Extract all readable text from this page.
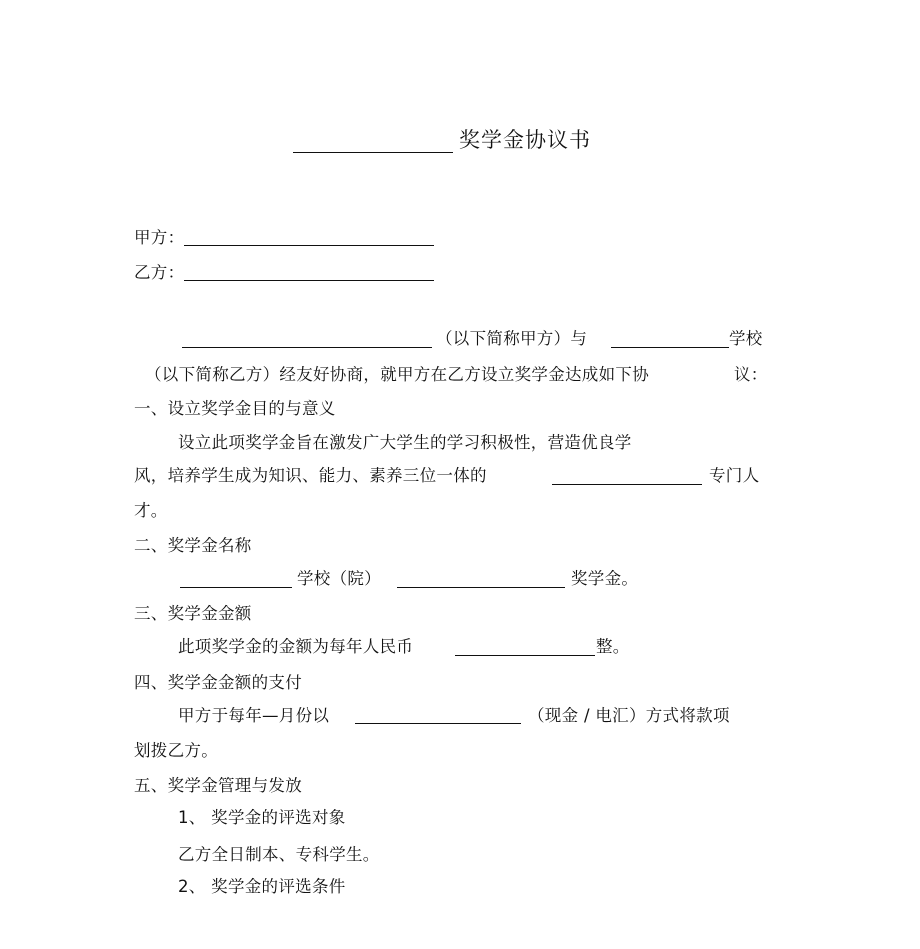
奖学金协议书
甲方：
乙方：
（以下简称甲方）与	学校
（以下简称乙方）经友好协商，就甲方在乙方设立奖学金达成如下协	议：
一、设立奖学金目的与意义
设立此项奖学金旨在激发广大学生的学习积极性，营造优良学
风，培养学生成为知识、能力、素养三位一体的	专门人
才。
二、奖学金名称
学校（院）	奖学金。
三、奖学金金额
此项奖学金的金额为每年人民币	整。
四、奖学金金额的支付
甲方于每年—月份以	（现金 / 电汇）方式将款项
划拨乙方。
五、奖学金管理与发放
1、 奖学金的评选对象
乙方全日制本、专科学生。
2、 奖学金的评选条件
